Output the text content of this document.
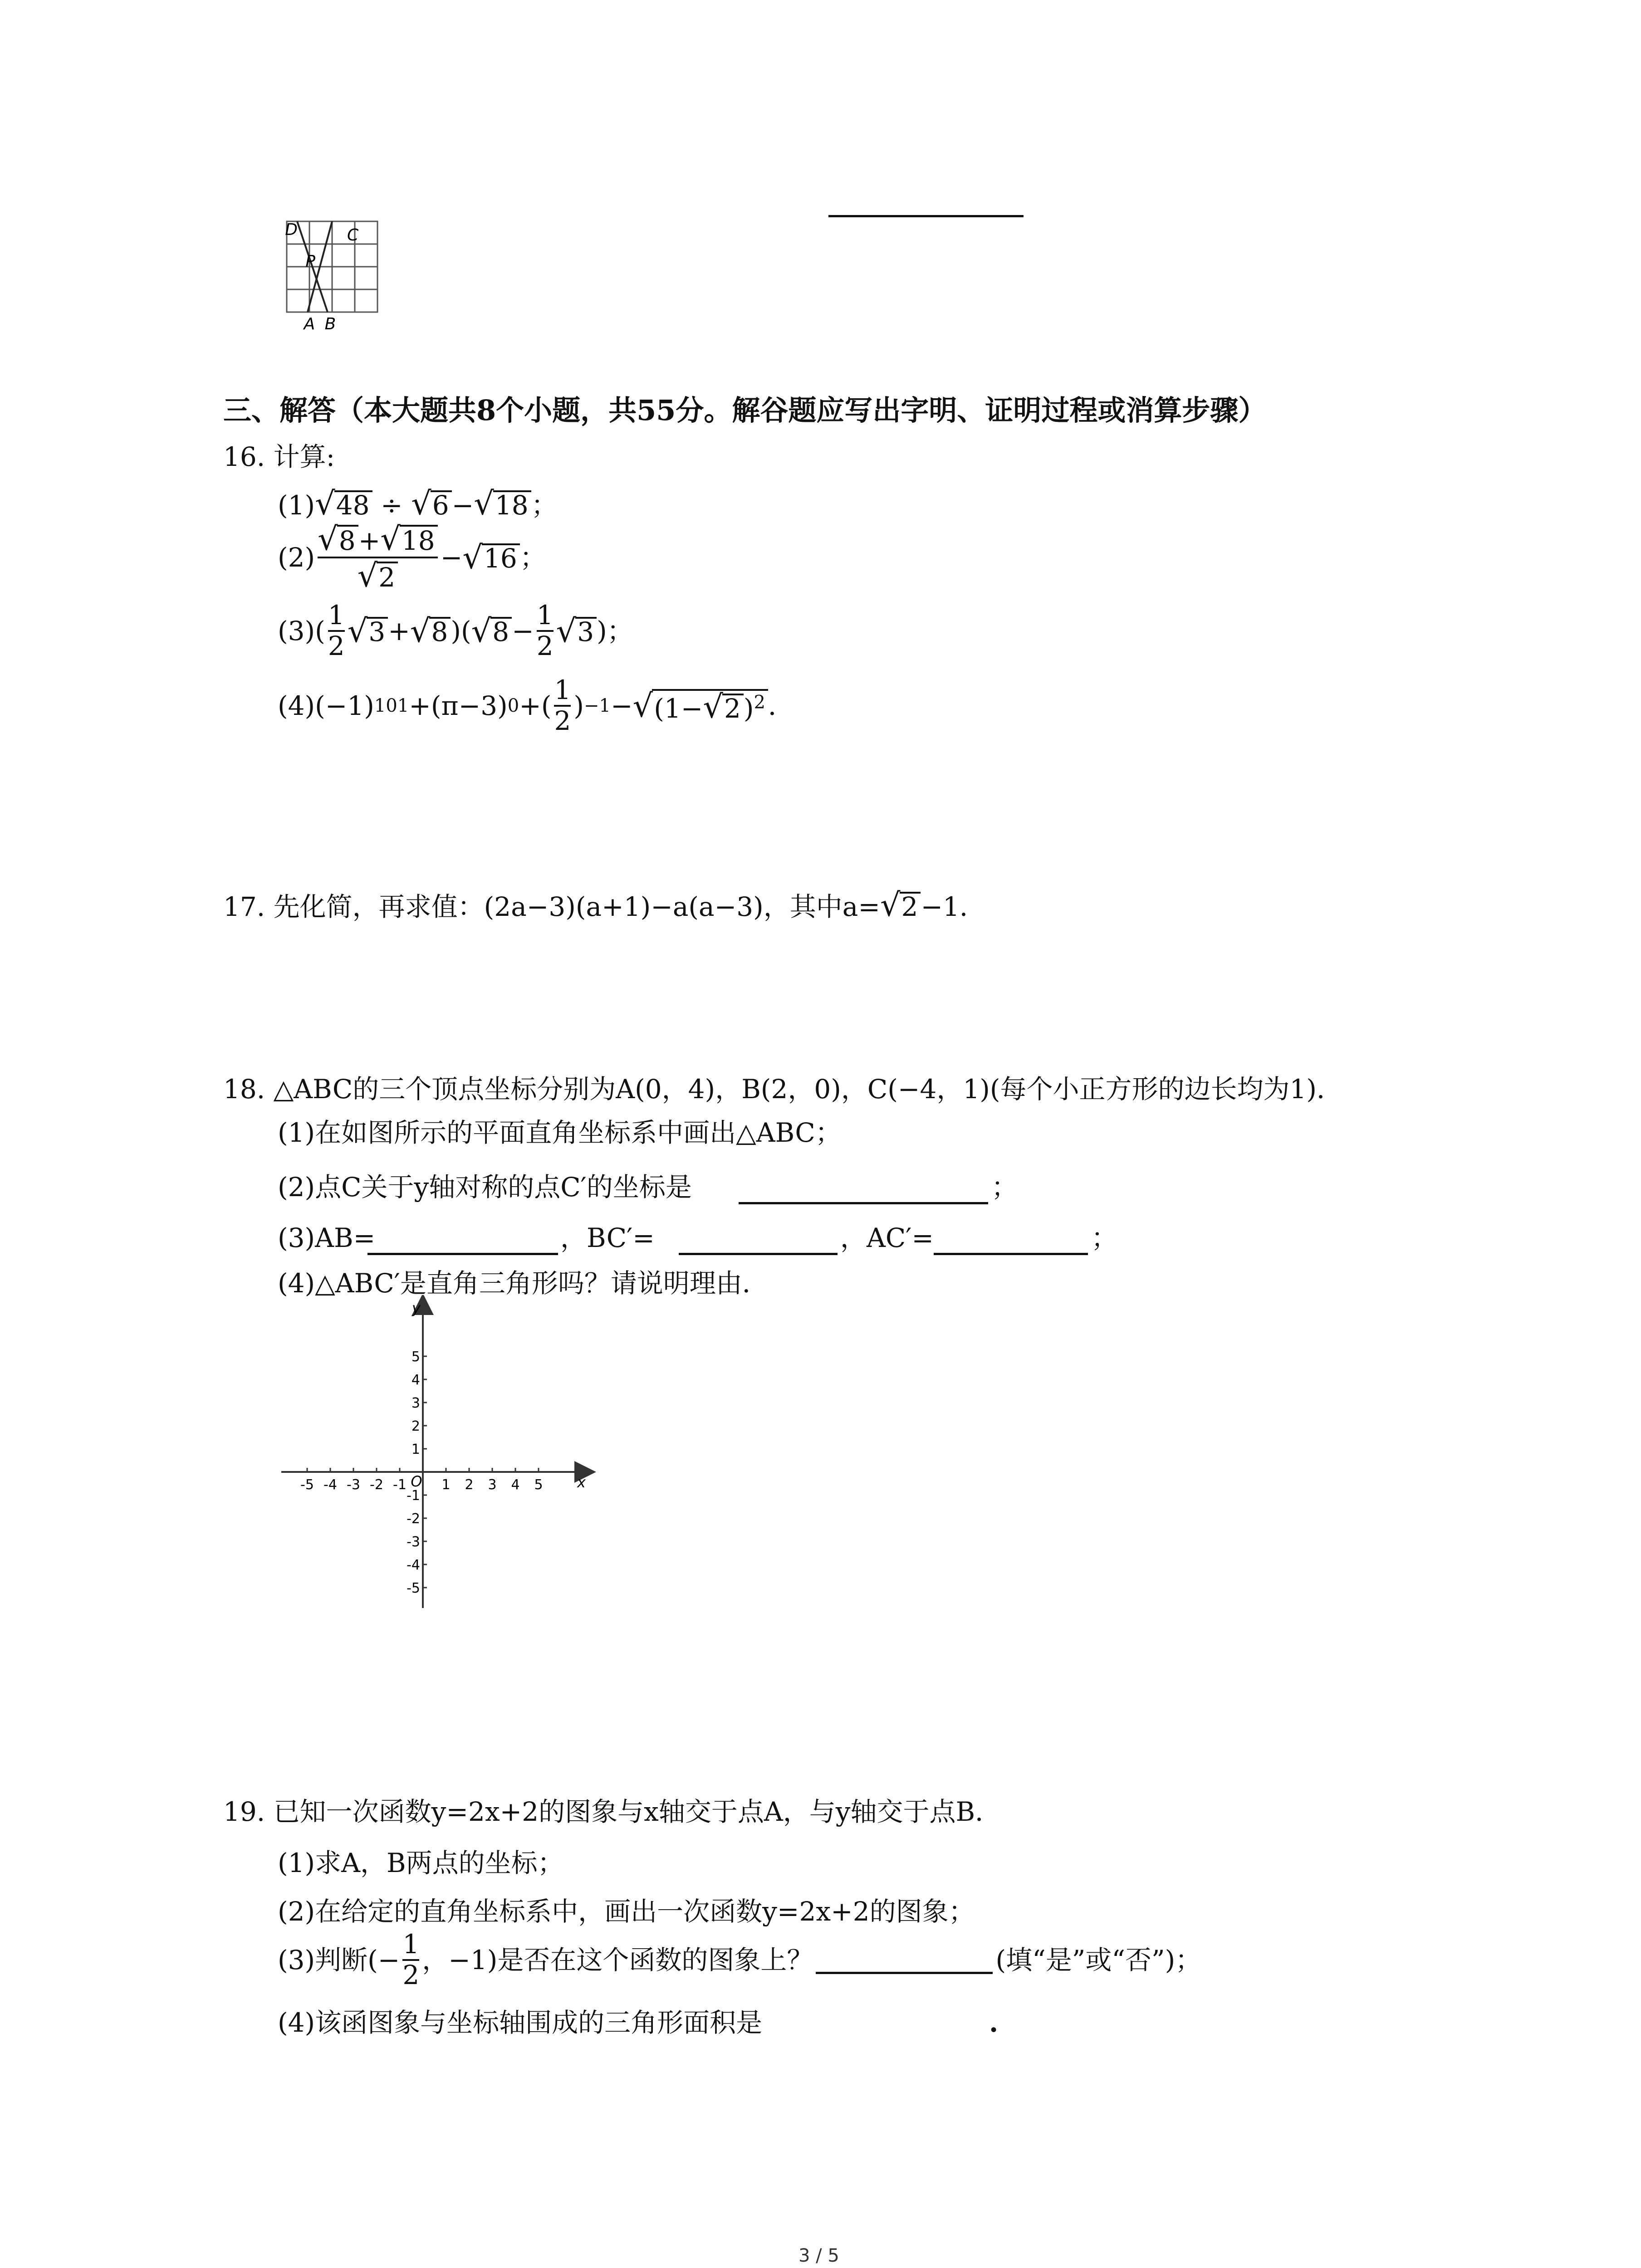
D	C
P
A B
三、解答（本大题共8个小题，共55分。解谷题应写出字明、证明过程或消算步骤）
16. 计算:
(1)√48 ÷ √6 −√18 ；
$(2) \frac{√8 +√18}{√2}$ − √ 16 ；
$(3)( \frac{1}{2}$ √ 3 + √ 8 )( √ $8 - \frac{1}{2}$ √ 3 )；
(4)(−1) 101 +(π−3) 0 +( $\frac{1}{2}$ ) −1 − √ (1−√2 )$^2$ ．
17. 先化简，再求值：(2a−3)(a+1)−a(a−3)，其中a=√2 −1．
18. △ABC的三个顶点坐标分别为A(0，4)，B(2，0)，C(−4，1)(每个小正方形的边长均为1)．
(1)在如图所示的平面直角坐标系中画出△ABC；
(2)点C关于y轴对称的点C′的坐标是	；
(3)AB=	，BC′=	，AC′=	；
(4)△ABC′是直角三角形吗？请说明理由．
-5 -4 -3 -2 -1	1 2 3 4 5
5
4
3
2
1
-1
-2
-3
-4
-5
x
y
O
19. 已知一次函数y=2x+2的图象与x轴交于点A，与y轴交于点B．
(1)求A，B两点的坐标；
(2)在给定的直角坐标系中，画出一次函数y=2x+2的图象；
(3)判断(− $\frac{1}{2}$ ，−1)是否在这个函数的图象上？	(填“是”或“否”)；
(4)该函图象与坐标轴围成的三角形面积是	.
3 / 5
